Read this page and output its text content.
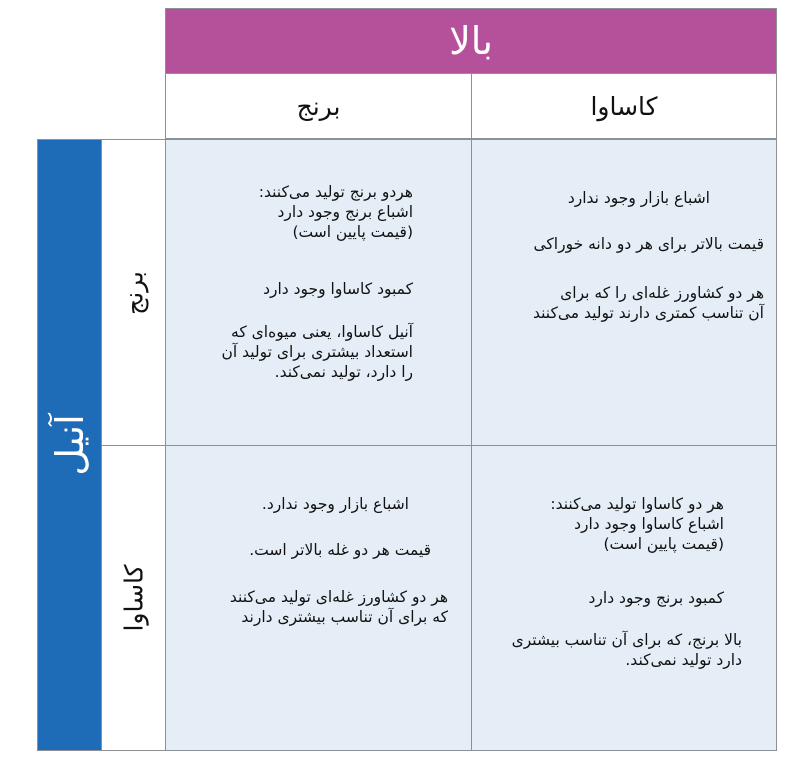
بالا
برنج	کاساوا
آنیل
برنج
کاساوا

هردو برنج تولید می‌کنند:
اشباع برنج وجود دارد
(قیمت پایین است)

کمبود کاساوا وجود دارد

آنیل کاساوا، یعنی میوه‌ای که
استعداد بیشتری برای تولید آن
را دارد، تولید نمی‌کند.

اشباع بازار وجود ندارد

قیمت بالاتر برای هر دو دانه خوراکی

هر دو کشاورز غله‌ای را که برای
آن تناسب کمتری دارند تولید می‌کنند

اشباع بازار وجود ندارد.

قیمت هر دو غله بالاتر است.

هر دو کشاورز غله‌ای تولید می‌کنند
که برای آن تناسب بیشتری دارند

هر دو کاساوا تولید می‌کنند:
اشباع کاساوا وجود دارد
(قیمت پایین است)

کمبود برنج وجود دارد

بالا برنج، که برای آن تناسب بیشتری
دارد تولید نمی‌کند.
